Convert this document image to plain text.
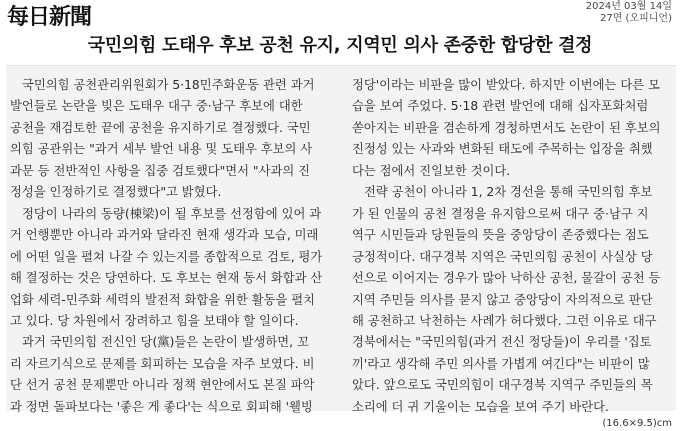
每日新聞	2024년 03월 14일
27면 (오피니언)
국민의힘 도태우 후보 공천 유지, 지역민 의사 존중한 합당한 결정
국민의힘 공천관리위원회가 5·18민주화운동 관련 과거
발언들로 논란을 빚은 도태우 대구 중·남구 후보에 대한
공천을 재검토한 끝에 공천을 유지하기로 결정했다. 국민
의힘 공관위는 "과거 세부 발언 내용 및 도태우 후보의 사
과문 등 전반적인 사항을 집중 검토했다"면서 "사과의 진
정성을 인정하기로 결정했다"고 밝혔다.
정당이 나라의 동량(棟梁)이 될 후보를 선정함에 있어 과
거 언행뿐만 아니라 과거와 달라진 현재 생각과 모습, 미래
에 어떤 일을 펼쳐 나갈 수 있는지를 종합적으로 검토, 평가
해 결정하는 것은 당연하다. 도 후보는 현재 동서 화합과 산
업화 세력-민주화 세력의 발전적 화합을 위한 활동을 펼치
고 있다. 당 차원에서 장려하고 힘을 보태야 할 일이다.
과거 국민의힘 전신인 당(黨)들은 논란이 발생하면, 꼬
리 자르기식으로 문제를 회피하는 모습을 자주 보였다. 비
단 선거 공천 문제뿐만 아니라 정책 현안에서도 본질 파악
과 정면 돌파보다는 '좋은 게 좋다'는 식으로 회피해 '웰빙
정당'이라는 비판을 많이 받았다. 하지만 이번에는 다른 모
습을 보여 주었다. 5·18 관련 발언에 대해 십자포화처럼
쏟아지는 비판을 겸손하게 경청하면서도 논란이 된 후보의
진정성 있는 사과와 변화된 태도에 주목하는 입장을 취했
다는 점에서 진일보한 것이다.
전략 공천이 아니라 1, 2차 경선을 통해 국민의힘 후보
가 된 인물의 공천 결정을 유지함으로써 대구 중·남구 지
역구 시민들과 당원들의 뜻을 중앙당이 존중했다는 점도
긍정적이다. 대구경북 지역은 국민의힘 공천이 사실상 당
선으로 이어지는 경우가 많아 낙하산 공천, 물갈이 공천 등
지역 주민들 의사를 묻지 않고 중앙당이 자의적으로 판단
해 공천하고 낙천하는 사례가 허다했다. 그런 이유로 대구
경북에서는 "국민의힘(과거 전신 정당들)이 우리를 '집토
끼'라고 생각해 주민 의사를 가볍게 여긴다"는 비판이 많
았다. 앞으로도 국민의힘이 대구경북 지역구 주민들의 목
소리에 더 귀 기울이는 모습을 보여 주기 바란다.
(16.6×9.5)cm
